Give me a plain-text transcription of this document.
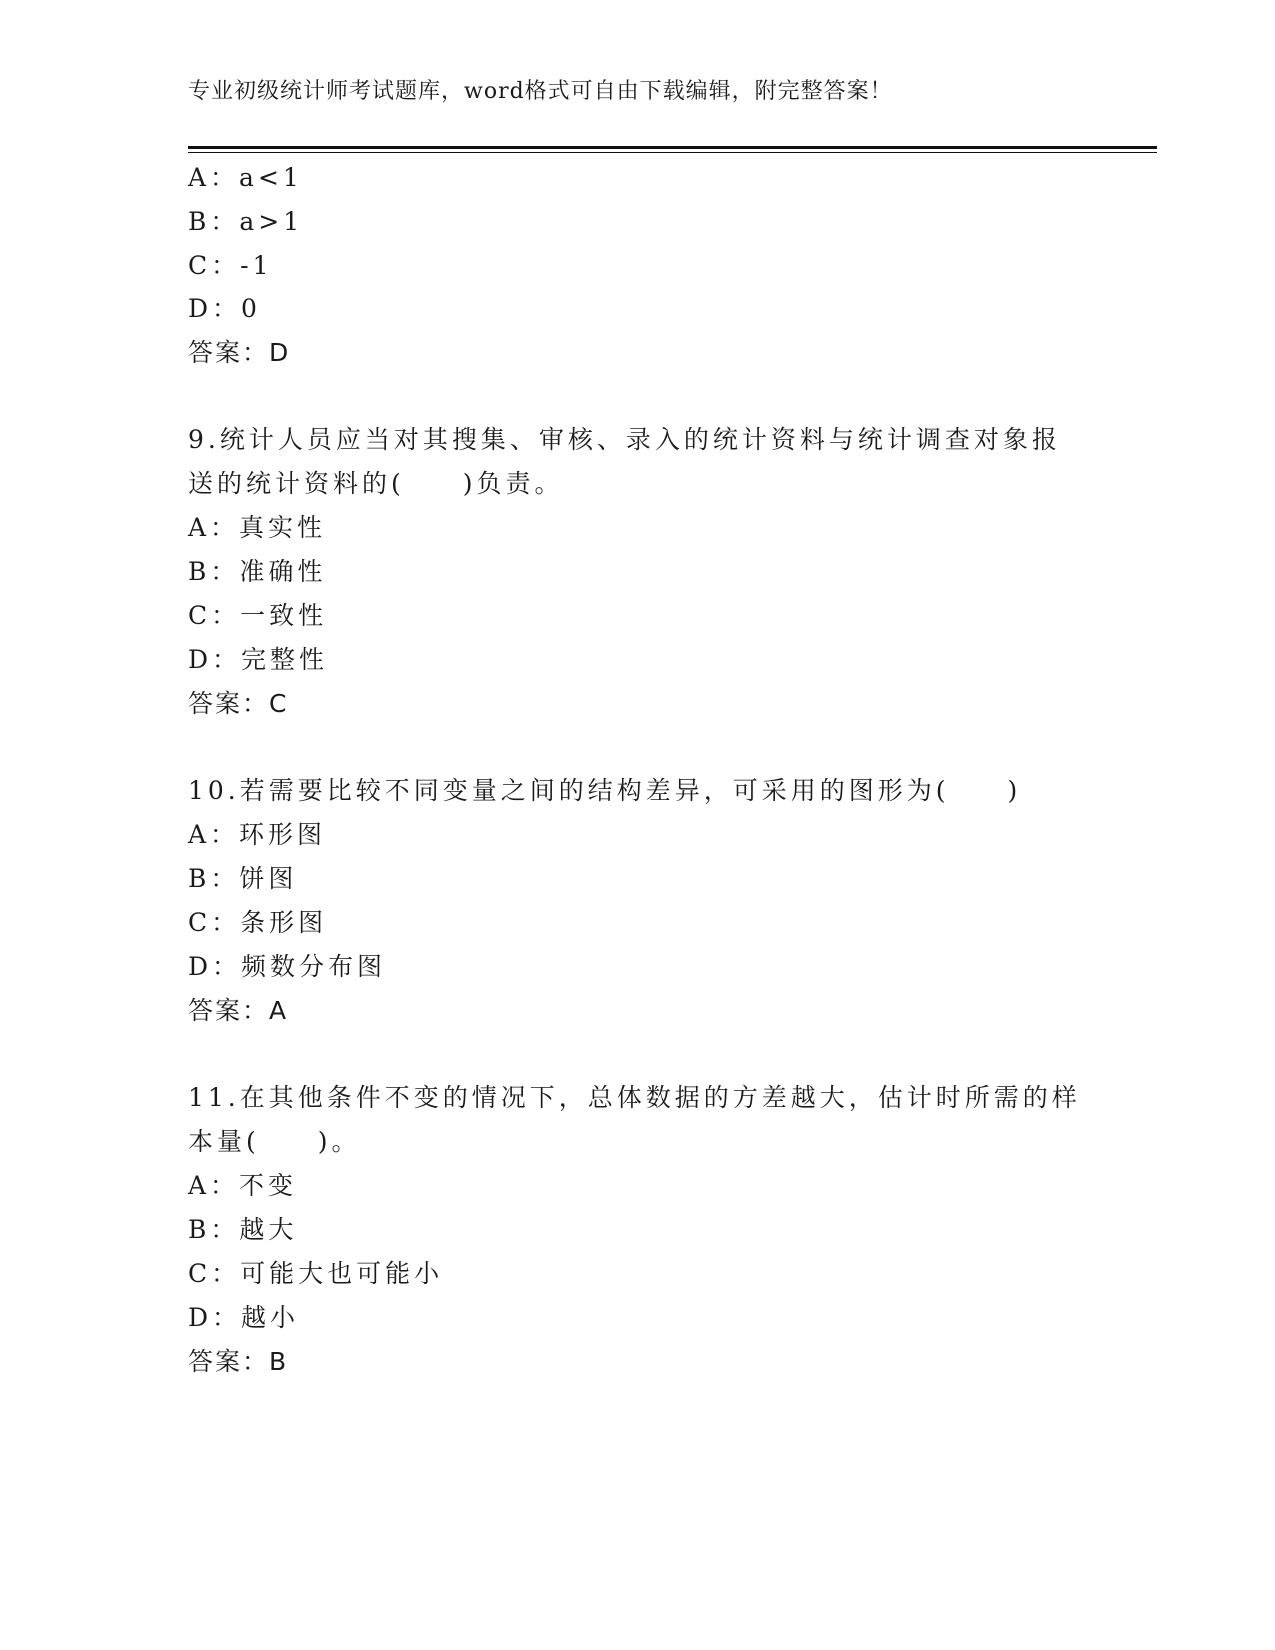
专业初级统计师考试题库，word格式可自由下载编辑，附完整答案！
A：a<1
B：a>1
C：-1
D：0
答案：D
9.统计人员应当对其搜集、审核、录入的统计资料与统计调查对象报
送的统计资料的(　　)负责。
A：真实性
B：准确性
C：一致性
D：完整性
答案：C
10.若需要比较不同变量之间的结构差异，可采用的图形为(　　)
A：环形图
B：饼图
C：条形图
D：频数分布图
答案：A
11.在其他条件不变的情况下，总体数据的方差越大，估计时所需的样
本量(　　)。
A：不变
B：越大
C：可能大也可能小
D：越小
答案：B
